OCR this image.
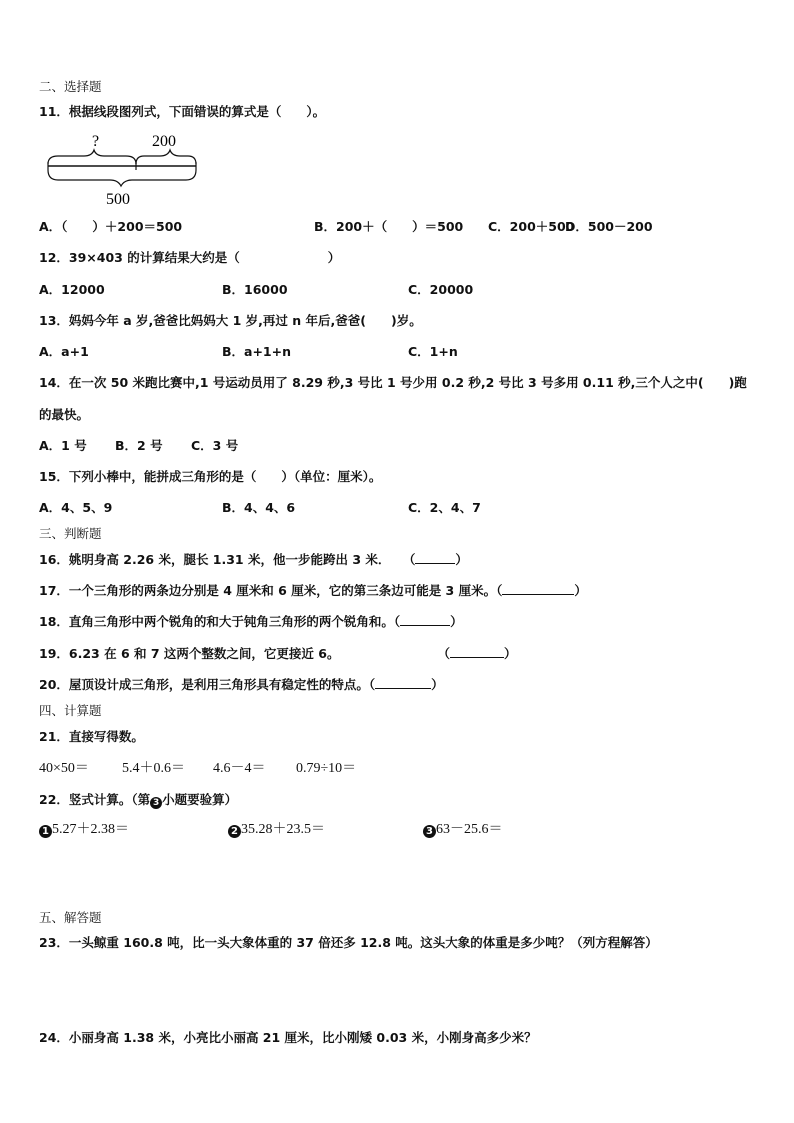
二、选择题
11．根据线段图列式，下面错误的算式是（　　）。
?	200
500
A．（　　）＋200＝500	B．200＋（　　）＝500 C．200＋500
D．500－200
12．39×403 的计算结果大约是（	）
A．12000	B．16000	C．20000
13．妈妈今年 a 岁,爸爸比妈妈大 1 岁,再过 n 年后,爸爸(　　)岁。
A．a+1	B．a+1+n	C．1+n
14．在一次 50 米跑比赛中,1 号运动员用了 8.29 秒,3 号比 1 号少用 0.2 秒,2 号比 3 号多用 0.11 秒,三个人之中(　　)跑
的最快。
A．1 号 B．2 号 C．3 号
15．下列小棒中，能拼成三角形的是（　　）（单位：厘米）。
A．4、5、9	B．4、4、6	C．2、4、7
三、判断题
16．姚明身高 2.26 米，腿长 1.31 米，他一步能跨出 3 米．　　（	）
17．一个三角形的两条边分别是 4 厘米和 6 厘米，它的第三条边可能是 3 厘米。（	）
18．直角三角形中两个锐角的和大于钝角三角形的两个锐角和。（	）
19．6.23 在 6 和 7 这两个整数之间，它更接近 6。	（	）
20．屋顶设计成三角形，是利用三角形具有稳定性的特点。（	）
四、计算题
21．直接写得数。
40×50＝ 5.4＋0.6＝ 4.6－4＝ 0.79÷10＝
22．竖式计算。（第 3 小题要验算）
1 5.27＋2.38＝	2 35.28＋23.5＝	3 63－25.6＝
五、解答题
23．一头鲸重 160.8 吨，比一头大象体重的 37 倍还多 12.8 吨。这头大象的体重是多少吨？（列方程解答）
24．小丽身高 1.38 米，小亮比小丽高 21 厘米，比小刚矮 0.03 米，小刚身高多少米？
